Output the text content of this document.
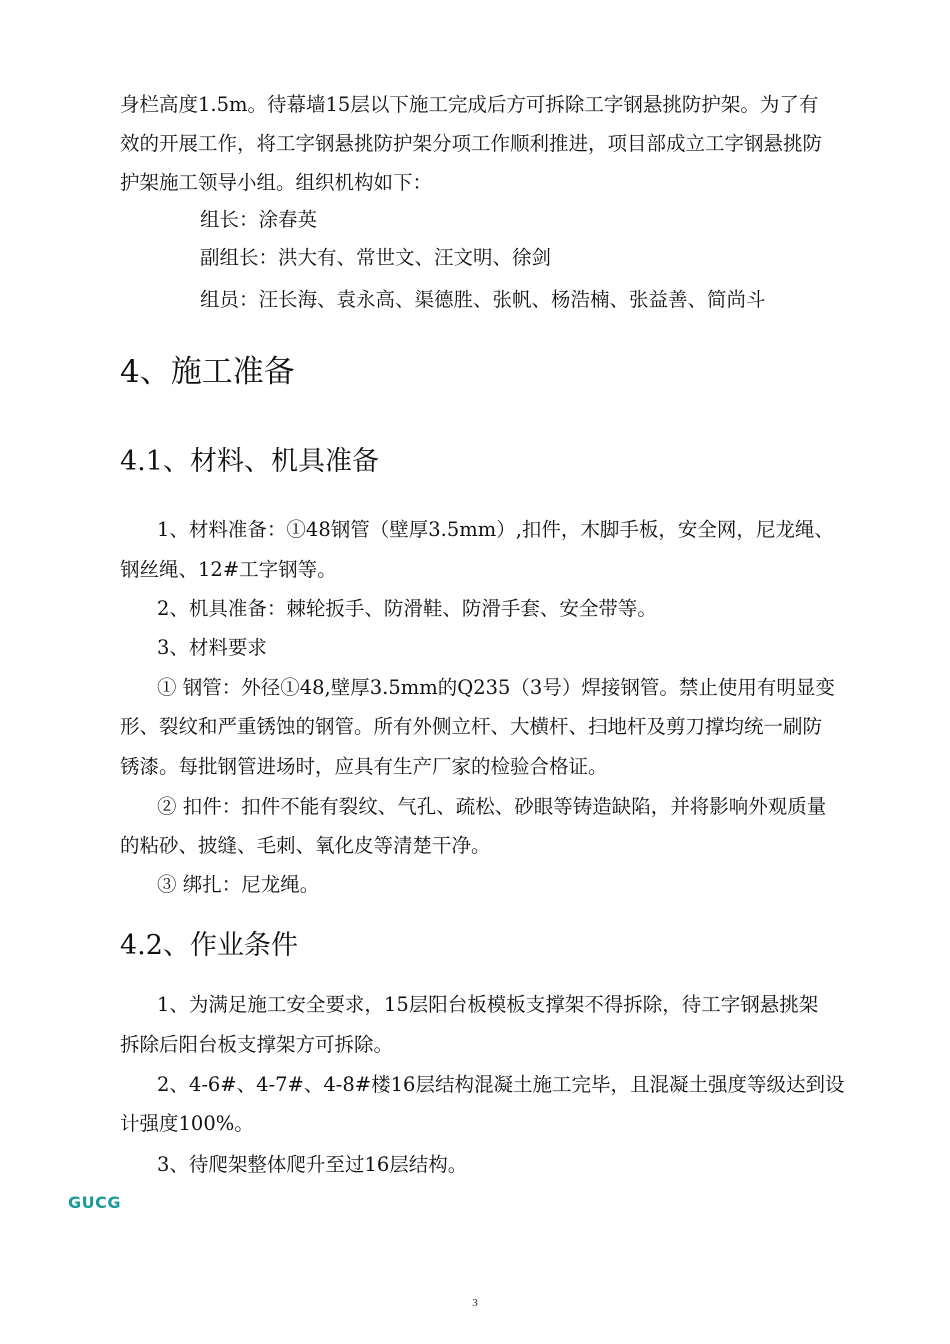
身栏高度1.5m。待幕墙15层以下施工完成后方可拆除工字钢悬挑防护架。为了有
效的开展工作，将工字钢悬挑防护架分项工作顺利推进，项目部成立工字钢悬挑防
护架施工领导小组。组织机构如下：
组长：涂春英
副组长：洪大有、常世文、汪文明、徐剑
组员：汪长海、袁永高、渠德胜、张帆、杨浩楠、张益善、简尚斗
4、施工准备
4.1、材料、机具准备
1、材料准备：①48钢管（壁厚3.5mm）,扣件，木脚手板，安全网，尼龙绳、
钢丝绳、12#工字钢等。
2、机具准备：棘轮扳手、防滑鞋、防滑手套、安全带等。
3、材料要求
① 钢管：外径①48,壁厚3.5mm的Q235（3号）焊接钢管。禁止使用有明显变
形、裂纹和严重锈蚀的钢管。所有外侧立杆、大横杆、扫地杆及剪刀撑均统一刷防
锈漆。每批钢管进场时，应具有生产厂家的检验合格证。
② 扣件：扣件不能有裂纹、气孔、疏松、砂眼等铸造缺陷，并将影响外观质量
的粘砂、披缝、毛刺、氧化皮等清楚干净。
③ 绑扎：尼龙绳。
4.2、作业条件
1、为满足施工安全要求，15层阳台板模板支撑架不得拆除，待工字钢悬挑架
拆除后阳台板支撑架方可拆除。
2、4-6#、4-7#、4-8#楼16层结构混凝土施工完毕，且混凝土强度等级达到设
计强度100%。
3、待爬架整体爬升至过16层结构。
GUCG
3
